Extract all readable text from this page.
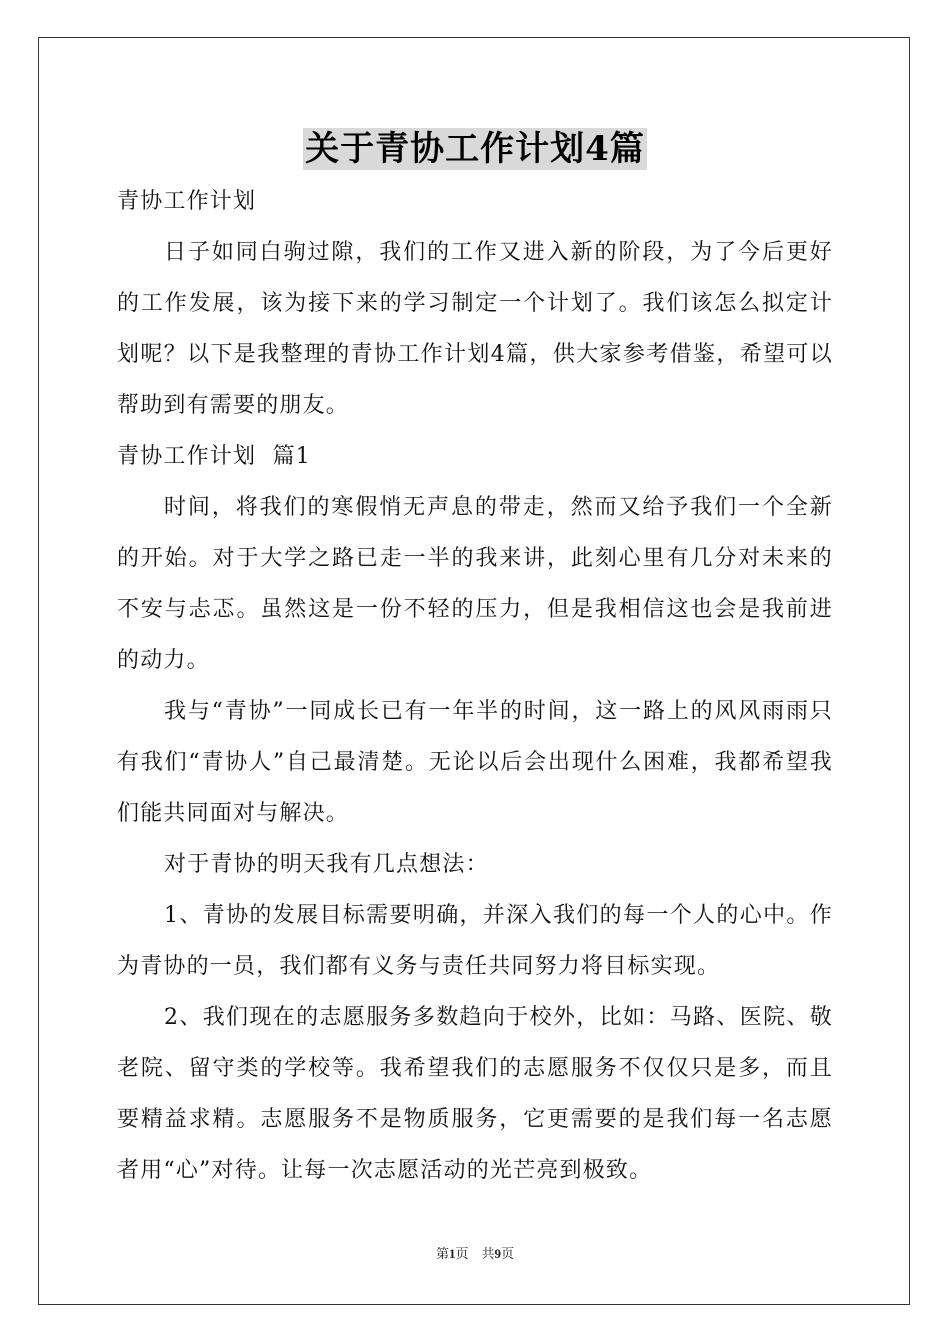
关于青协工作计划4篇

青协工作计划

日子如同白驹过隙，我们的工作又进入新的阶段，为了今后更好的工作发展，该为接下来的学习制定一个计划了。我们该怎么拟定计划呢？以下是我整理的青协工作计划4篇，供大家参考借鉴，希望可以帮助到有需要的朋友。

青协工作计划  篇1

时间，将我们的寒假悄无声息的带走，然而又给予我们一个全新的开始。对于大学之路已走一半的我来讲，此刻心里有几分对未来的不安与忐忑。虽然这是一份不轻的压力，但是我相信这也会是我前进的动力。

我与“青协”一同成长已有一年半的时间，这一路上的风风雨雨只有我们“青协人”自己最清楚。无论以后会出现什么困难，我都希望我们能共同面对与解决。

对于青协的明天我有几点想法：

1、青协的发展目标需要明确，并深入我们的每一个人的心中。作为青协的一员，我们都有义务与责任共同努力将目标实现。

2、我们现在的志愿服务多数趋向于校外，比如：马路、医院、敬老院、留守类的学校等。我希望我们的志愿服务不仅仅只是多，而且要精益求精。志愿服务不是物质服务，它更需要的是我们每一名志愿者用“心”对待。让每一次志愿活动的光芒亮到极致。

第1页 共9页
